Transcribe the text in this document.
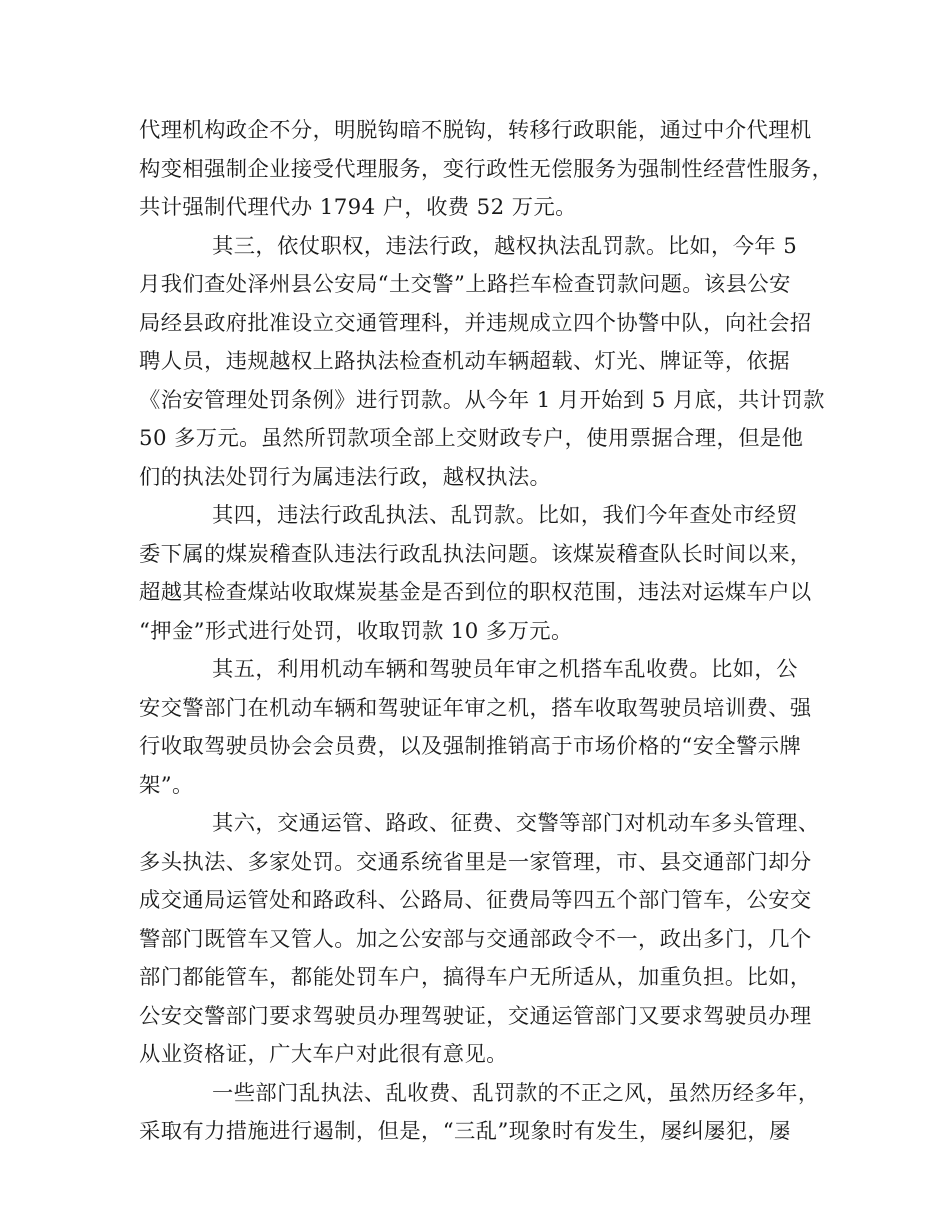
代理机构政企不分，明脱钩暗不脱钩，转移行政职能，通过中介代理机
构变相强制企业接受代理服务，变行政性无偿服务为强制性经营性服务，
共计强制代理代办 1794 户，收费 52 万元。
其三，依仗职权，违法行政，越权执法乱罚款。比如，今年 5
月我们查处泽州县公安局“土交警”上路拦车检查罚款问题。该县公安
局经县政府批准设立交通管理科，并违规成立四个协警中队，向社会招
聘人员，违规越权上路执法检查机动车辆超载、灯光、牌证等，依据
《治安管理处罚条例》进行罚款。从今年 1 月开始到 5 月底，共计罚款
50 多万元。虽然所罚款项全部上交财政专户，使用票据合理，但是他
们的执法处罚行为属违法行政，越权执法。
其四，违法行政乱执法、乱罚款。比如，我们今年查处市经贸
委下属的煤炭稽查队违法行政乱执法问题。该煤炭稽查队长时间以来，
超越其检查煤站收取煤炭基金是否到位的职权范围，违法对运煤车户以
“押金”形式进行处罚，收取罚款 10 多万元。
其五，利用机动车辆和驾驶员年审之机搭车乱收费。比如，公
安交警部门在机动车辆和驾驶证年审之机，搭车收取驾驶员培训费、强
行收取驾驶员协会会员费，以及强制推销高于市场价格的“安全警示牌
架”。
其六，交通运管、路政、征费、交警等部门对机动车多头管理、
多头执法、多家处罚。交通系统省里是一家管理，市、县交通部门却分
成交通局运管处和路政科、公路局、征费局等四五个部门管车，公安交
警部门既管车又管人。加之公安部与交通部政令不一，政出多门，几个
部门都能管车，都能处罚车户，搞得车户无所适从，加重负担。比如，
公安交警部门要求驾驶员办理驾驶证，交通运管部门又要求驾驶员办理
从业资格证，广大车户对此很有意见。
一些部门乱执法、乱收费、乱罚款的不正之风，虽然历经多年，
采取有力措施进行遏制，但是，“三乱”现象时有发生，屡纠屡犯，屡
